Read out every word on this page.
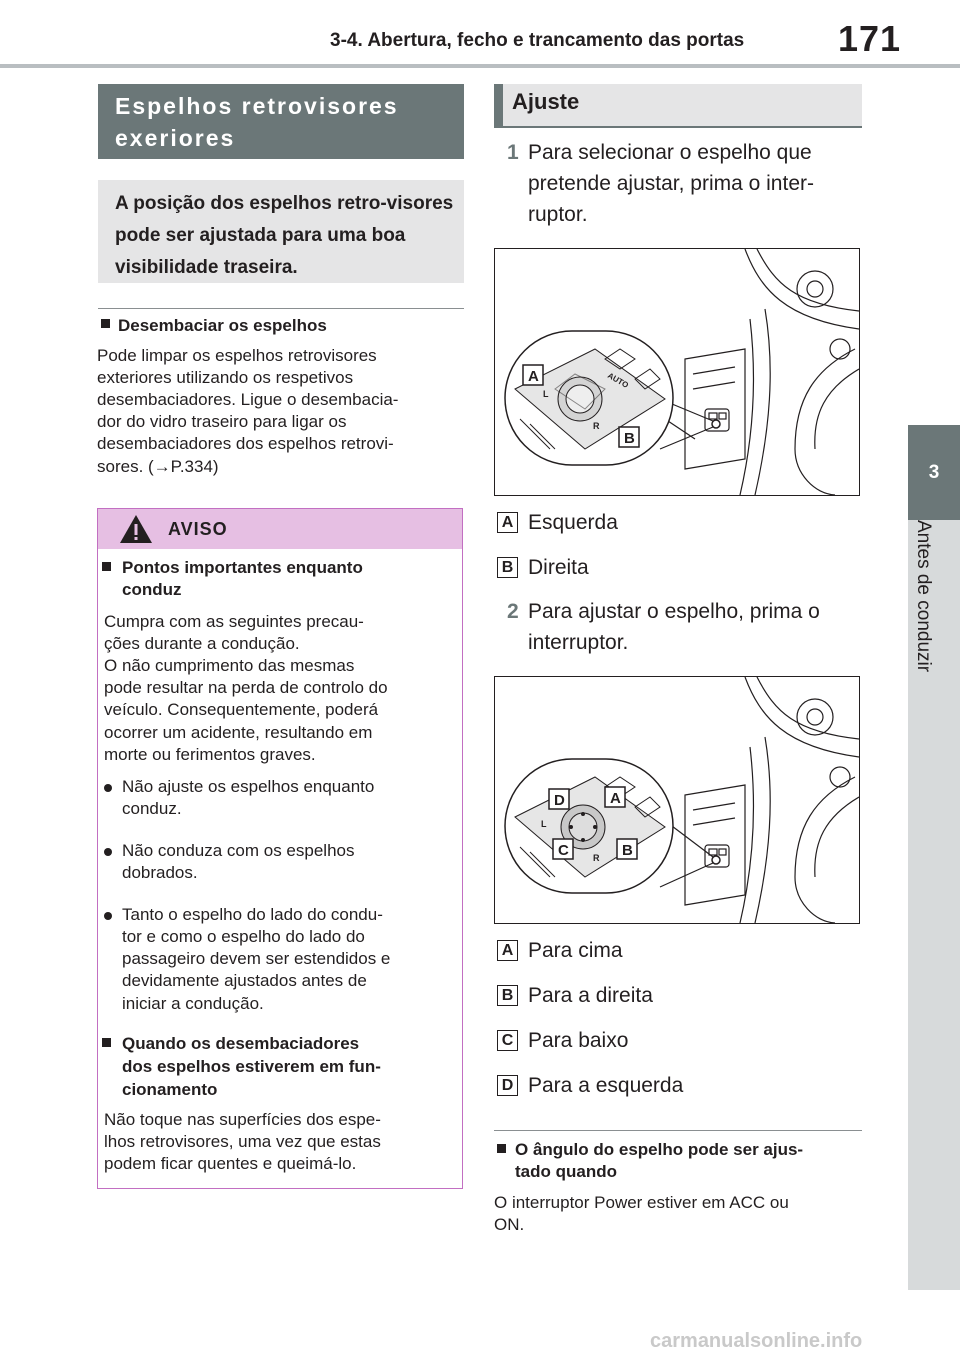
3-4. Abertura, fecho e trancamento das portas	171
3
Antes de conduzir
Espelhos retrovisores exeriores
A posição dos espelhos retro-visores pode ser ajustada para uma boa visibilidade traseira.
Desembaciar os espelhos
Pode limpar os espelhos retrovisores
exteriores utilizando os respetivos
desembaciadores. Ligue o desembacia-
dor do vidro traseiro para ligar os
desembaciadores dos espelhos retrovi-
sores. (→P.334)
AVISO
Pontos importantes enquanto
conduz
Cumpra com as seguintes precau-
ções durante a condução.
O não cumprimento das mesmas
pode resultar na perda de controlo do
veículo. Consequentemente, poderá
ocorrer um acidente, resultando em
morte ou ferimentos graves.
Não ajuste os espelhos enquanto
conduz.
Não conduza com os espelhos
dobrados.
Tanto o espelho do lado do condu-
tor e como o espelho do lado do
passageiro devem ser estendidos e
devidamente ajustados antes de
iniciar a condução.
Quando os desembaciadores
dos espelhos estiverem em fun-
cionamento
Não toque nas superfícies dos espe-
lhos retrovisores, uma vez que estas
podem ficar quentes e queimá-lo.
Ajuste
1 Para selecionar o espelho que
pretende ajustar, prima o inter-
ruptor.
L
R
AUTO
A
B
A Esquerda
B Direita
2 Para ajustar o espelho, prima o
interruptor.
L
R
D	A
C	B
A Para cima
B Para a direita
C Para baixo
D Para a esquerda
O ângulo do espelho pode ser ajus-
tado quando
O interruptor Power estiver em ACC ou
ON.
carmanualsonline.info
